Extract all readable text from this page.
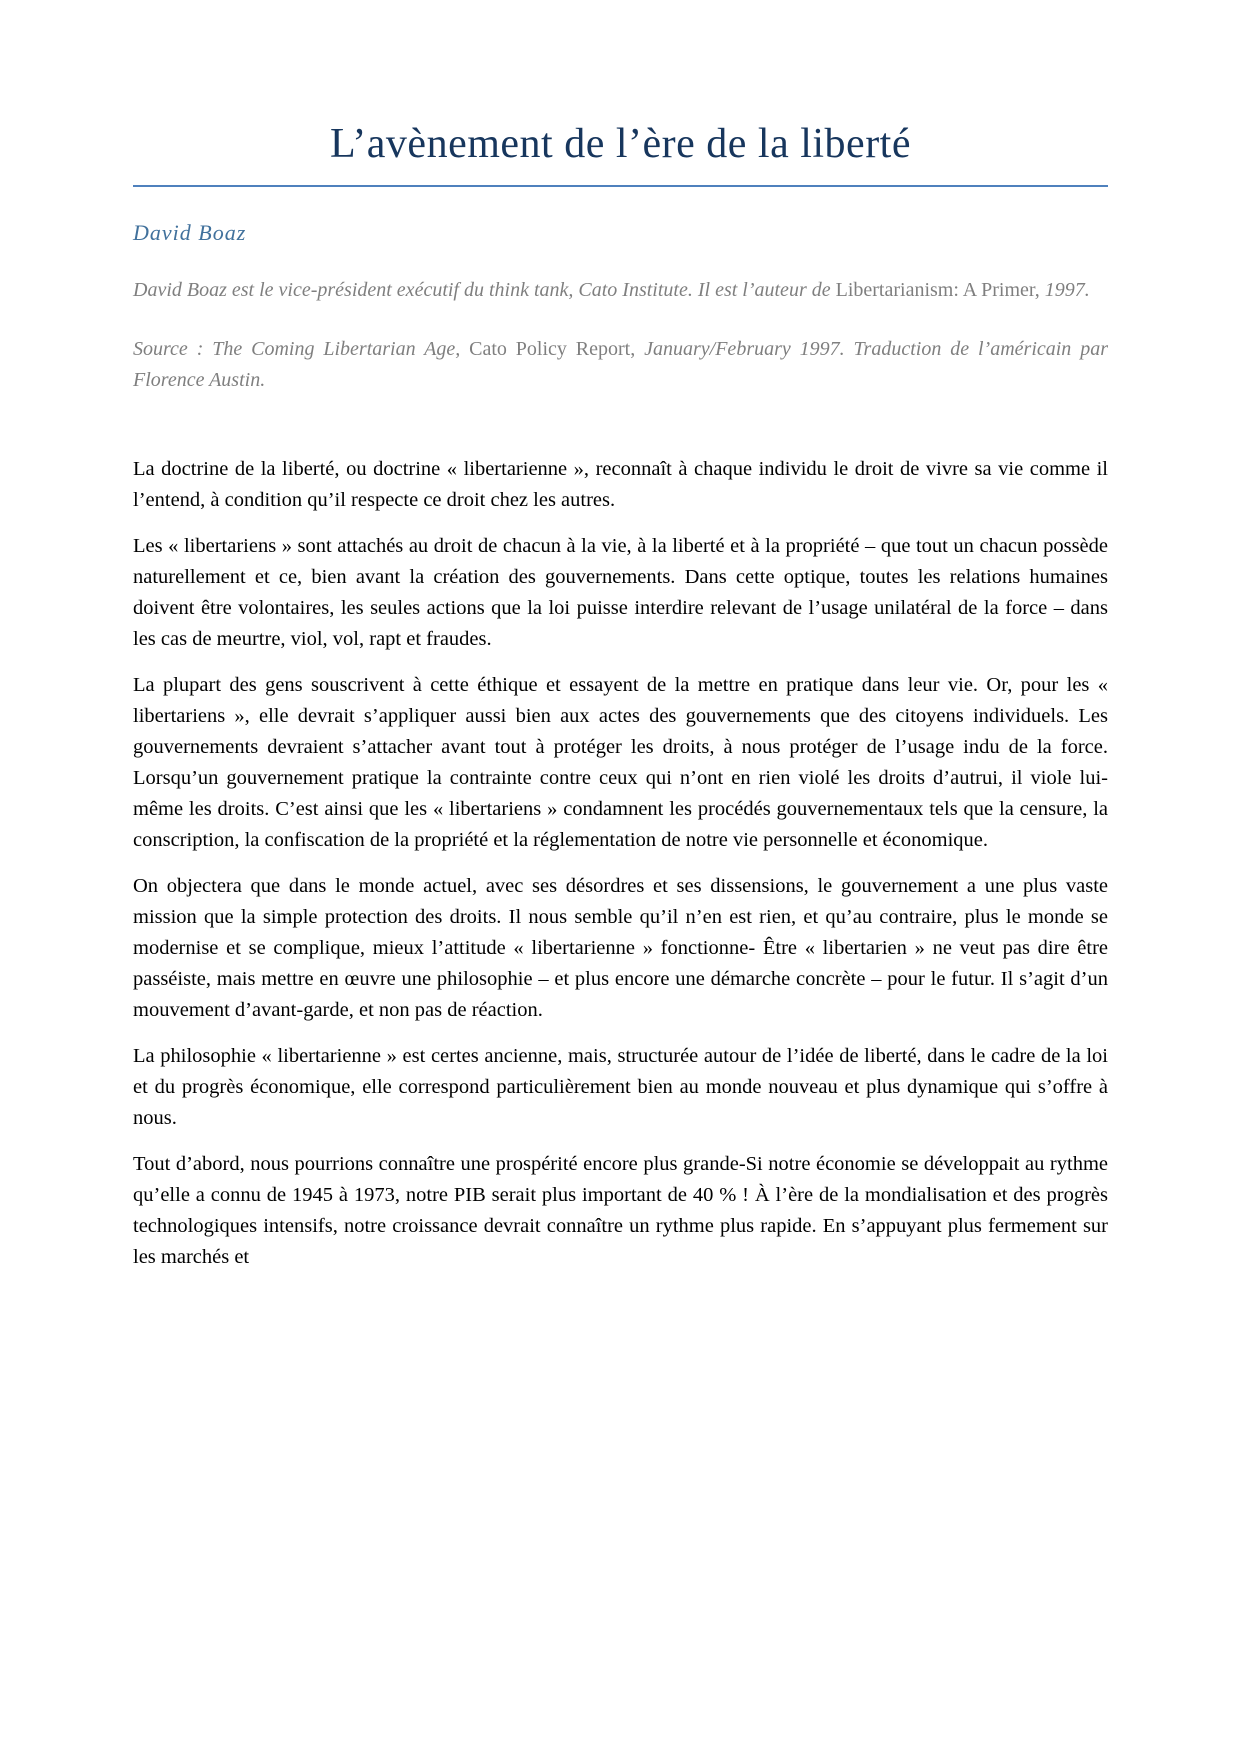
L’avènement de l’ère de la liberté
David Boaz

David Boaz est le vice-président exécutif du think tank, Cato Institute. Il est l’auteur de Libertarianism: A Primer, 1997.

Source : The Coming Libertarian Age, Cato Policy Report, January/February 1997. Traduction de l’américain par Florence Austin.

La doctrine de la liberté, ou doctrine « libertarienne », reconnaît à chaque individu le droit de vivre sa vie comme il l’entend, à condition qu’il respecte ce droit chez les autres.

Les « libertariens » sont attachés au droit de chacun à la vie, à la liberté et à la propriété – que tout un chacun possède naturellement et ce, bien avant la création des gouvernements. Dans cette optique, toutes les relations humaines doivent être volontaires, les seules actions que la loi puisse interdire relevant de l’usage unilatéral de la force – dans les cas de meurtre, viol, vol, rapt et fraudes.

La plupart des gens souscrivent à cette éthique et essayent de la mettre en pratique dans leur vie. Or, pour les « libertariens », elle devrait s’appliquer aussi bien aux actes des gouvernements que des citoyens individuels. Les gouvernements devraient s’attacher avant tout à protéger les droits, à nous protéger de l’usage indu de la force. Lorsqu’un gouvernement pratique la contrainte contre ceux qui n’ont en rien violé les droits d’autrui, il viole lui-même les droits. C’est ainsi que les « libertariens » condamnent les procédés gouvernementaux tels que la censure, la conscription, la confiscation de la propriété et la réglementation de notre vie personnelle et économique.

On objectera que dans le monde actuel, avec ses désordres et ses dissensions, le gouvernement a une plus vaste mission que la simple protection des droits. Il nous semble qu’il n’en est rien, et qu’au contraire, plus le monde se modernise et se complique, mieux l’attitude « libertarienne » fonctionne- Être « libertarien » ne veut pas dire être passéiste, mais mettre en œuvre une philosophie – et plus encore une démarche concrète – pour le futur. Il s’agit d’un mouvement d’avant-garde, et non pas de réaction.

La philosophie « libertarienne » est certes ancienne, mais, structurée autour de l’idée de liberté, dans le cadre de la loi et du progrès économique, elle correspond particulièrement bien au monde nouveau et plus dynamique qui s’offre à nous.

Tout d’abord, nous pourrions connaître une prospérité encore plus grande-Si notre économie se développait au rythme qu’elle a connu de 1945 à 1973, notre PIB serait plus important de 40 % ! À l’ère de la mondialisation et des progrès technologiques intensifs, notre croissance devrait connaître un rythme plus rapide. En s’appuyant plus fermement sur les marchés et
